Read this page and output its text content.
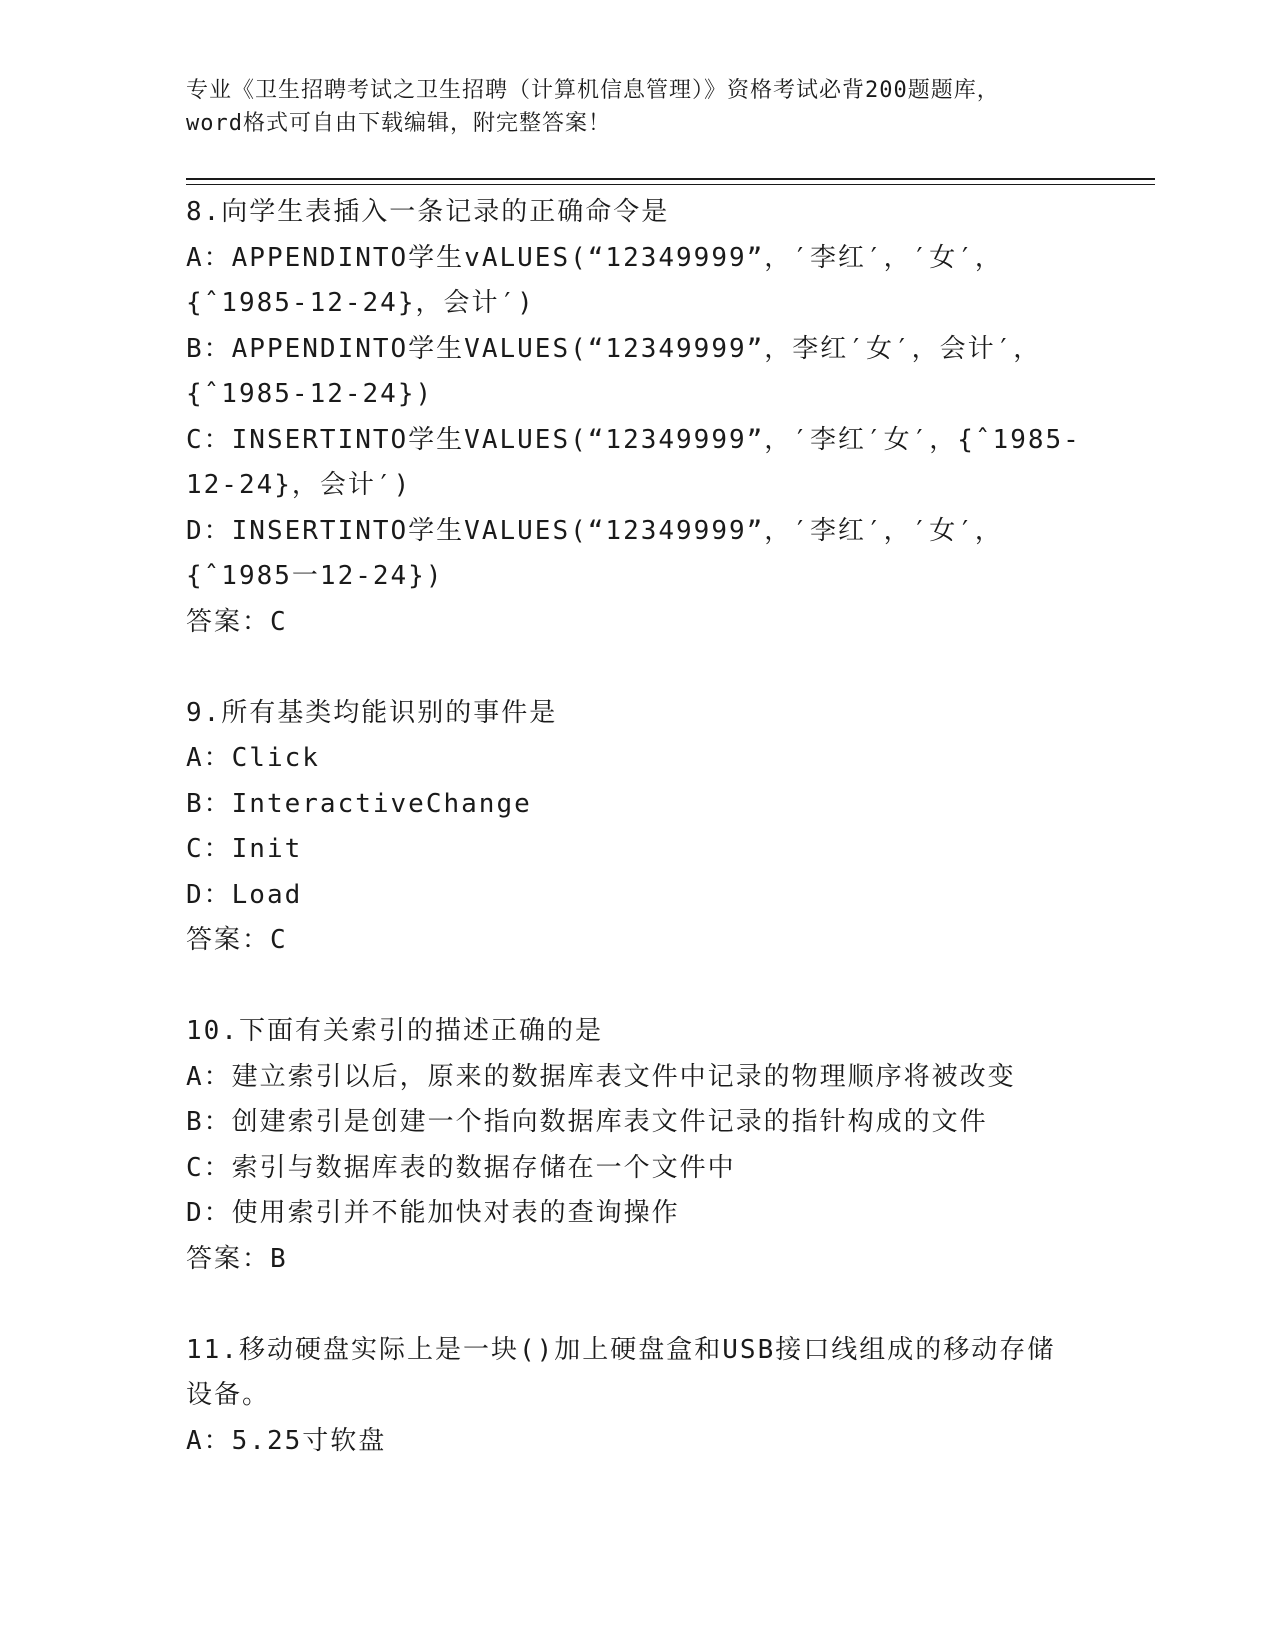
专业《卫生招聘考试之卫生招聘（计算机信息管理）》资格考试必背200题题库，
word格式可自由下载编辑，附完整答案！
8.向学生表插入一条记录的正确命令是
A：APPENDINTO学生vALUES(“12349999”，′李红′，′女′，
{ˆ1985-12-24}，会计′)
B：APPENDINTO学生VALUES(“12349999”，李红′女′，会计′，
{ˆ1985-12-24})
C：INSERTINTO学生VALUES(“12349999”，′李红′女′，{ˆ1985-
12-24}，会计′)
D：INSERTINTO学生VALUES(“12349999”，′李红′，′女′，
{ˆ1985一12-24})
答案：C
9.所有基类均能识别的事件是
A：Click
B：InteractiveChange
C：Init
D：Load
答案：C
10.下面有关索引的描述正确的是
A：建立索引以后，原来的数据库表文件中记录的物理顺序将被改变
B：创建索引是创建一个指向数据库表文件记录的指针构成的文件
C：索引与数据库表的数据存储在一个文件中
D：使用索引并不能加快对表的查询操作
答案：B
11.移动硬盘实际上是一块()加上硬盘盒和USB接口线组成的移动存储
设备。
A：5.25寸软盘
